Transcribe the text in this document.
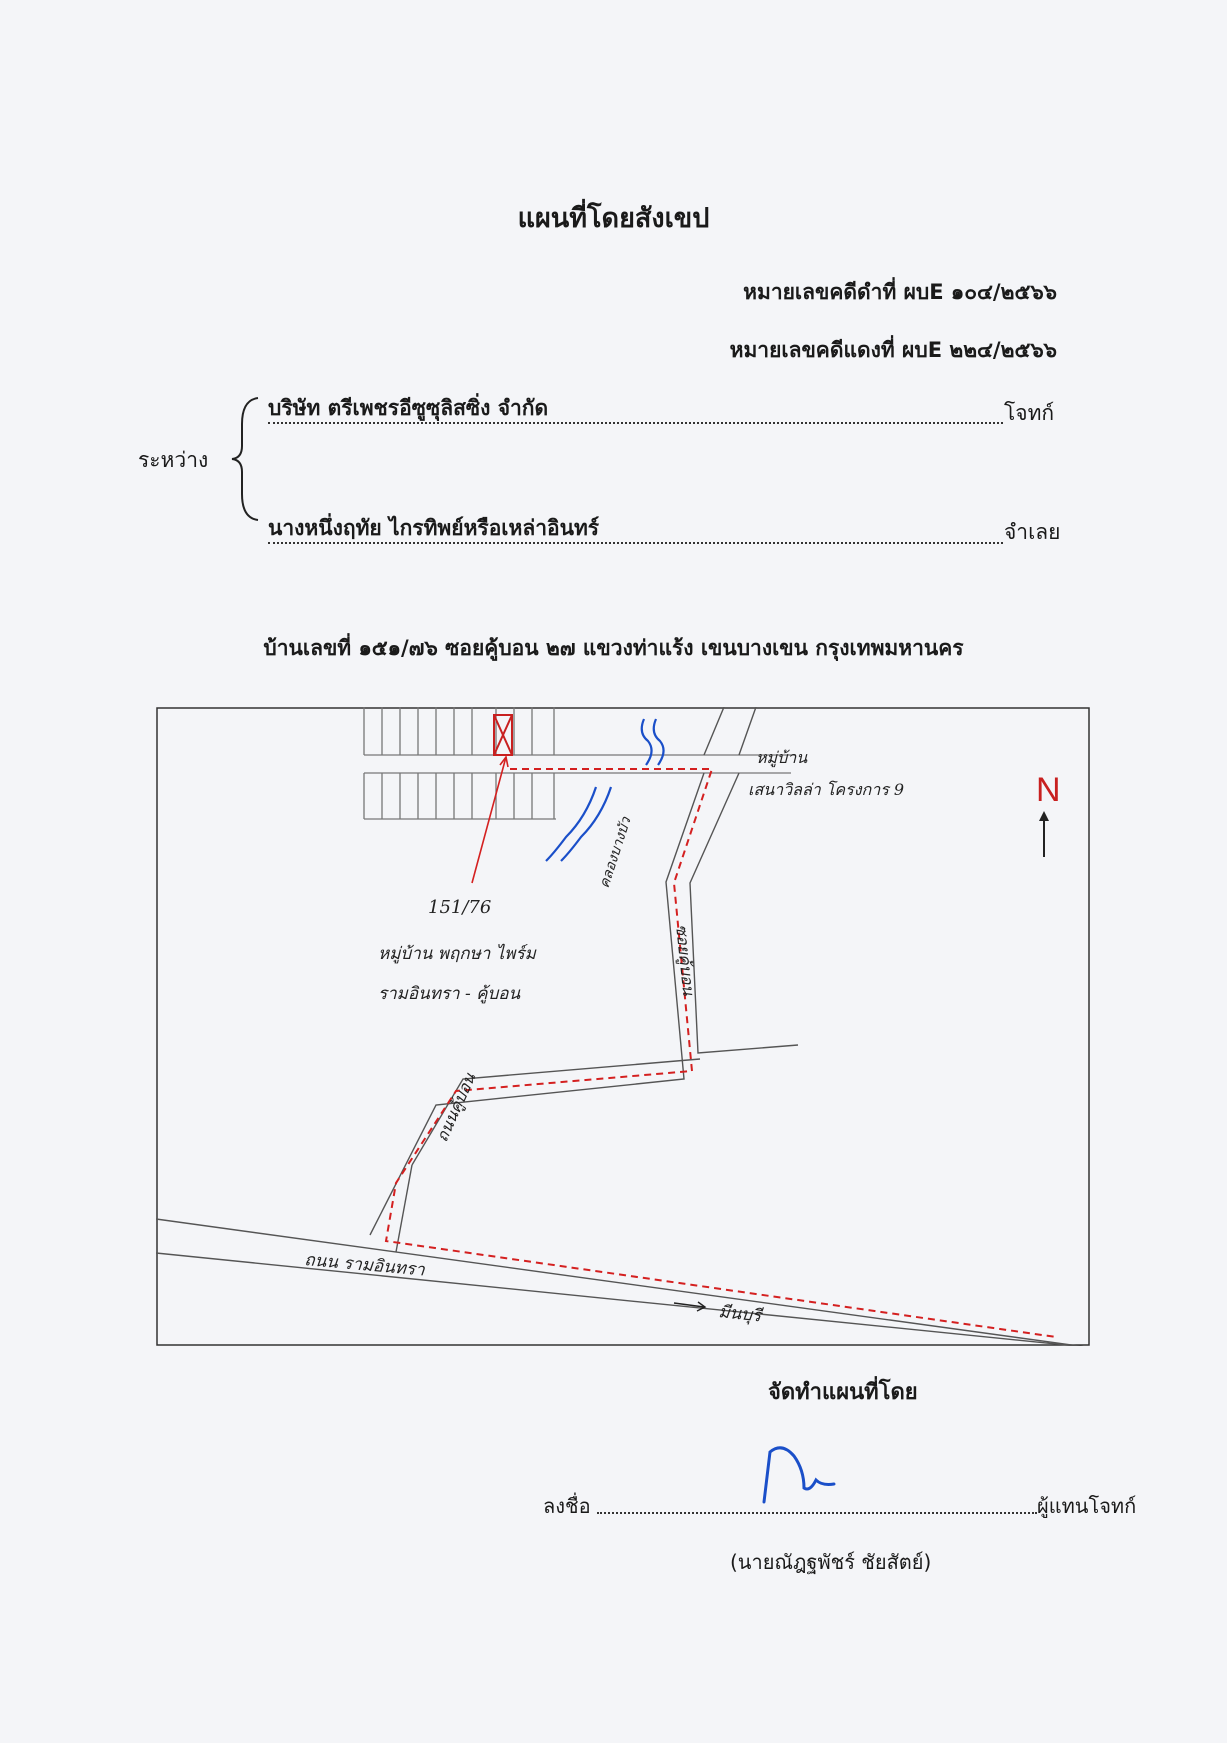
แผนที่โดยสังเขป
หมายเลขคดีดำที่ ผบE ๑๐๔/๒๕๖๖
หมายเลขคดีแดงที่ ผบE ๒๒๔/๒๕๖๖
ระหว่าง
บริษัท ตรีเพชรอีซูซุลิสซิ่ง จำกัด	โจทก์
นางหนึ่งฤทัย ไกรทิพย์หรือเหล่าอินทร์	จำเลย
บ้านเลขที่ ๑๕๑/๗๖ ซอยคู้บอน ๒๗ แขวงท่าแร้ง เขนบางเขน กรุงเทพมหานคร
N
151/76
หมู่บ้าน พฤกษา ไพร์ม
รามอินทรา - คู้บอน
หมู่บ้าน
เสนาวิลล่า โครงการ 9
คลองบางบัว
ซอยคู้บอน
ถนนคู้บอน
ถนน รามอินทรา
มีนบุรี
จัดทำแผนที่โดย
ลงชื่อ	ผู้แทนโจทก์
(นายณัฎฐพัชร์ ชัยสัตย์)
